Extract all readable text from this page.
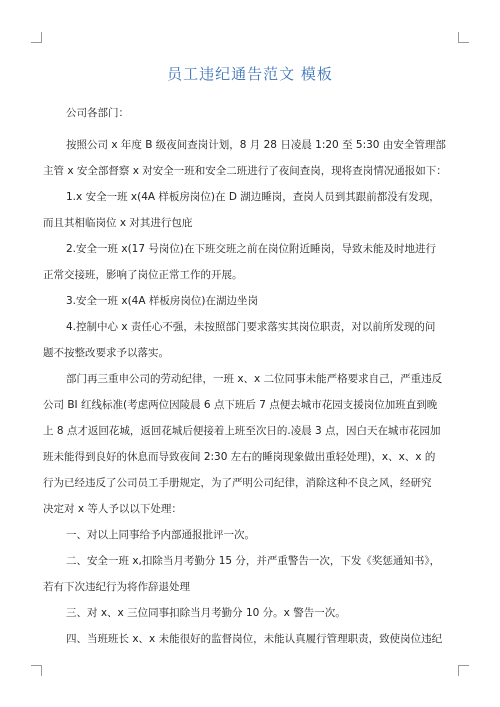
员工违纪通告范文 模板
公司各部门：
按照公司 x 年度 B 级夜间查岗计划，8 月 28 日凌晨 1:20 至 5:30 由安全管理部
主管 x 安全部督察 x 对安全一班和安全二班进行了夜间查岗，现将查岗情况通报如下：
1.x 安全一班 x(4A 样板房岗位)在 D 湖边睡岗，查岗人员到其跟前都没有发现，
而且其相临岗位 x 对其进行包庇
2.安全一班 x(17 号岗位)在下班交班之前在岗位附近睡岗，导致未能及时地进行
正常交接班，影响了岗位正常工作的开展。
3.安全一班 x(4A 样板房岗位)在湖边坐岗
4.控制中心 x 责任心不强，未按照部门要求落实其岗位职责，对以前所发现的问
题不按整改要求予以落实。
部门再三重申公司的劳动纪律，一班 x、x 二位同事未能严格要求自己，严重违反
公司 BI 红线标准(考虑两位因陵晨 6 点下班后 7 点便去城市花园支援岗位加班直到晚
上 8 点才返回花城，返回花城后便接着上班至次日的.凌晨 3 点，因白天在城市花园加
班未能得到良好的休息而导致夜间 2:30 左右的睡岗现象做出重轻处理)，x、x、x 的
行为已经违反了公司员工手册规定，为了严明公司纪律，消除这种不良之风，经研究
决定对 x 等人予以以下处理：
一、对以上同事给予内部通报批评一次。
二、安全一班 x,扣除当月考勤分 15 分，并严重警告一次，下发《奖惩通知书》，
若有下次违纪行为将作辞退处理
三、对 x、x 三位同事扣除当月考勤分 10 分。x 警告一次。
四、当班班长 x、x 未能很好的监督岗位，未能认真履行管理职责，致使岗位违纪
